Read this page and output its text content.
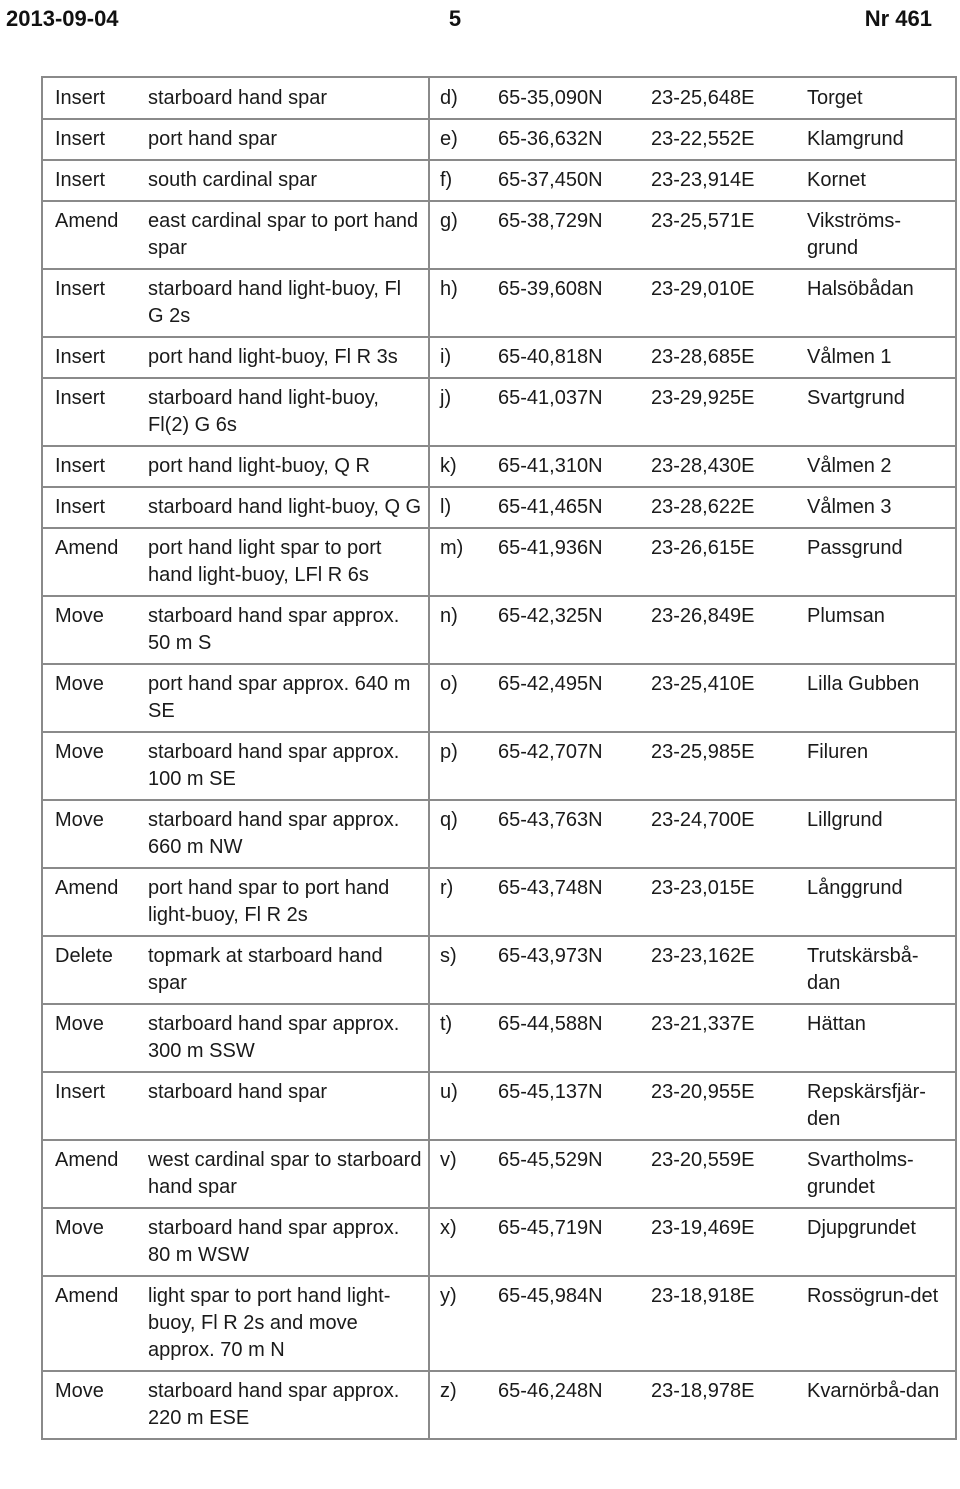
2013-09-04	5	Nr 461
Insert	starboard hand spar	d)	65-35,090N	23-25,648E	Torget
Insert	port hand spar	e)	65-36,632N	23-22,552E	Klamgrund
Insert	south cardinal spar	f)	65-37,450N	23-23,914E	Kornet
Amend	east cardinal spar to port hand spar	g)	65-38,729N	23-25,571E	Vikströms-grund
Insert	starboard hand light-buoy, Fl G 2s	h)	65-39,608N	23-29,010E	Halsöbådan
Insert	port hand light-buoy, Fl R 3s	i)	65-40,818N	23-28,685E	Vålmen 1
Insert	starboard hand light-buoy, Fl(2) G 6s	j)	65-41,037N	23-29,925E	Svartgrund
Insert	port hand light-buoy, Q R	k)	65-41,310N	23-28,430E	Vålmen 2
Insert	starboard hand light-buoy, Q G	l)	65-41,465N	23-28,622E	Vålmen 3
Amend	port hand light spar to port hand light-buoy, LFl R 6s	m)	65-41,936N	23-26,615E	Passgrund
Move	starboard hand spar approx. 50 m S	n)	65-42,325N	23-26,849E	Plumsan
Move	port hand spar approx. 640 m SE	o)	65-42,495N	23-25,410E	Lilla Gubben
Move	starboard hand spar approx. 100 m SE	p)	65-42,707N	23-25,985E	Filuren
Move	starboard hand spar approx. 660 m NW	q)	65-43,763N	23-24,700E	Lillgrund
Amend	port hand spar to port hand light-buoy, Fl R 2s	r)	65-43,748N	23-23,015E	Långgrund
Delete	topmark at starboard hand spar	s)	65-43,973N	23-23,162E	Trutskärsbå-dan
Move	starboard hand spar approx. 300 m SSW	t)	65-44,588N	23-21,337E	Hättan
Insert	starboard hand spar	u)	65-45,137N	23-20,955E	Repskärsfjär-den
Amend	west cardinal spar to starboard hand spar	v)	65-45,529N	23-20,559E	Svartholms-grundet
Move	starboard hand spar approx. 80 m WSW	x)	65-45,719N	23-19,469E	Djupgrundet
Amend	light spar to port hand light-buoy, Fl R 2s and move approx. 70 m N	y)	65-45,984N	23-18,918E	Rossögrun-det
Move	starboard hand spar approx. 220 m ESE	z)	65-46,248N	23-18,978E	Kvarnörbå-dan
